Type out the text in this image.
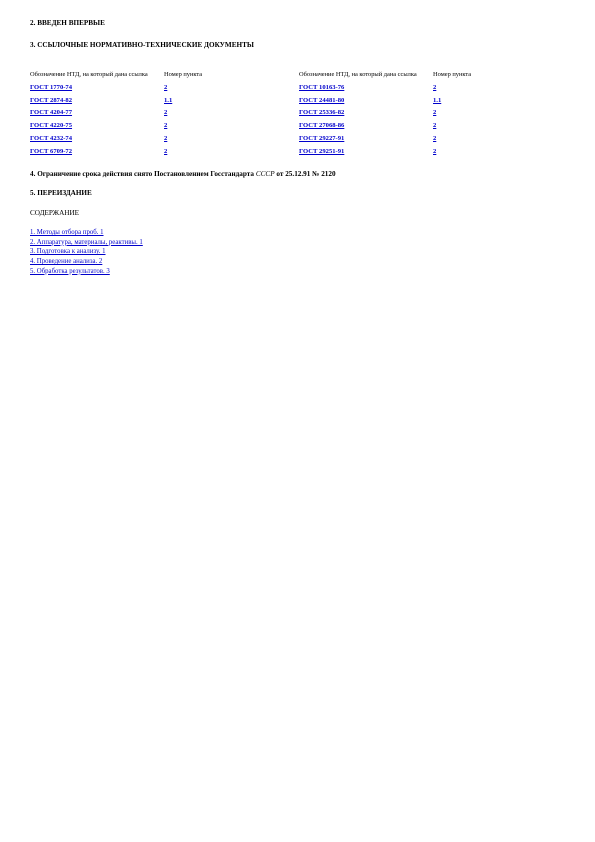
2. ВВЕДЕН ВПЕРВЫЕ
3. ССЫЛОЧНЫЕ НОРМАТИВНО-ТЕХНИЧЕСКИЕ ДОКУМЕНТЫ
Обозначение НТД, на который дана ссылка	Номер пункта	Обозначение НТД, на который дана ссылка	Номер пункта
ГОСТ 1770-74	2	ГОСТ 10163-76	2
ГОСТ 2874-82	1.1	ГОСТ 24481-80	1.1
ГОСТ 4204-77	2	ГОСТ 25336-82	2
ГОСТ 4220-75	2	ГОСТ 27068-86	2
ГОСТ 4232-74	2	ГОСТ 29227-91	2
ГОСТ 6709-72	2	ГОСТ 29251-91	2
4. Ограничение срока действия снято Постановлением Госстандарта СССР от 25.12.91 № 2120
5. ПЕРЕИЗДАНИЕ
СОДЕРЖАНИЕ
1. Методы отбора проб. 1
2. Аппаратура, материалы, реактивы. 1
3. Подготовка к анализу. 1
4. Проведение анализа. 2
5. Обработка результатов. 3
